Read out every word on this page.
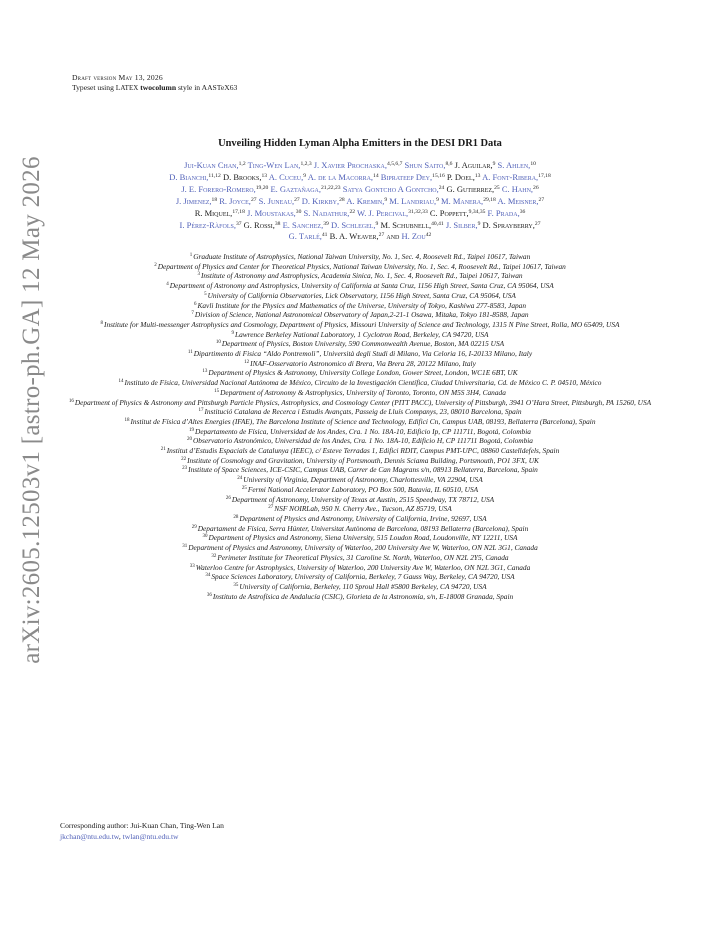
arXiv:2605.12503v1 [astro-ph.GA] 12 May 2026
Draft version May 13, 2026
Typeset using LATEX twocolumn style in AASTeX63
Unveiling Hidden Lyman Alpha Emitters in the DESI DR1 Data
Jui-Kuan Chan,$^{1,2}$ Ting-Wen Lan,$^{1,2,3}$ J. Xavier Prochaska,$^{4,5,6,7}$ Shun Saito,$^{8,6}$ J. Aguilar,$^9$ S. Ahlen,$^{10}$
D. Bianchi,$^{11,12}$ D. Brooks,$^{13}$ A. Cuceu,$^9$ A. de la Macorra,$^{14}$ Biprateep Dey,$^{15,16}$ P. Doel,$^{13}$ A. Font-Ribera,$^{17,18}$
J. E. Forero-Romero,$^{19,20}$ E. Gaztañaga,$^{21,22,23}$ Satya Gontcho A Gontcho,$^{24}$ G. Gutierrez,$^{25}$ C. Hahn,$^{26}$
J. Jimenez,$^{18}$ R. Joyce,$^{27}$ S. Juneau,$^{27}$ D. Kirkby,$^{28}$ A. Kremin,$^9$ M. Landriau,$^9$ M. Manera,$^{29,18}$ A. Meisner,$^{27}$
R. Miquel,$^{17,18}$ J. Moustakas,$^{30}$ S. Nadathur,$^{22}$ W. J. Percival,$^{31,32,33}$ C. Poppett,$^{9,34,35}$ F. Prada,$^{36}$
I. Pérez-Ràfols,$^{37}$ G. Rossi,$^{38}$ E. Sanchez,$^{39}$ D. Schlegel,$^9$ M. Schubnell,$^{40,41}$ J. Silber,$^9$ D. Sprayberry,$^{27}$
G. Tarlé,$^{41}$ B. A. Weaver,$^{27}$ and H. Zou$^{42}$
$^1$Graduate Institute of Astrophysics, National Taiwan University, No. 1, Sec. 4, Roosevelt Rd., Taipei 10617, Taiwan
$^2$Department of Physics and Center for Theoretical Physics, National Taiwan University, No. 1, Sec. 4, Roosevelt Rd., Taipei 10617, Taiwan
$^3$Institute of Astronomy and Astrophysics, Academia Sinica, No. 1, Sec. 4, Roosevelt Rd., Taipei 10617, Taiwan
$^4$Department of Astronomy and Astrophysics, University of California at Santa Cruz, 1156 High Street, Santa Cruz, CA 95064, USA
$^5$University of California Observatories, Lick Observatory, 1156 High Street, Santa Cruz, CA 95064, USA
$^6$Kavli Institute for the Physics and Mathematics of the Universe, University of Tokyo, Kashiwa 277-8583, Japan
$^7$Division of Science, National Astronomical Observatory of Japan,2-21-1 Osawa, Mitaka, Tokyo 181-8588, Japan
$^8$Institute for Multi-messenger Astrophysics and Cosmology, Department of Physics, Missouri University of Science and Technology, 1315 N Pine Street, Rolla, MO 65409, USA
$^9$Lawrence Berkeley National Laboratory, 1 Cyclotron Road, Berkeley, CA 94720, USA
$^{10}$Department of Physics, Boston University, 590 Commonwealth Avenue, Boston, MA 02215 USA
$^{11}$Dipartimento di Fisica “Aldo Pontremoli”, Università degli Studi di Milano, Via Celoria 16, I-20133 Milano, Italy
$^{12}$INAF-Osservatorio Astronomico di Brera, Via Brera 28, 20122 Milano, Italy
$^{13}$Department of Physics & Astronomy, University College London, Gower Street, London, WC1E 6BT, UK
$^{14}$Instituto de Física, Universidad Nacional Autónoma de México, Circuito de la Investigación Científica, Ciudad Universitaria, Cd. de México C. P. 04510, México
$^{15}$Department of Astronomy & Astrophysics, University of Toronto, Toronto, ON M5S 3H4, Canada
$^{16}$Department of Physics & Astronomy and Pittsburgh Particle Physics, Astrophysics, and Cosmology Center (PITT PACC), University of Pittsburgh, 3941 O’Hara Street, Pittsburgh, PA 15260, USA
$^{17}$Institució Catalana de Recerca i Estudis Avançats, Passeig de Lluís Companys, 23, 08010 Barcelona, Spain
$^{18}$Institut de Física d’Altes Energies (IFAE), The Barcelona Institute of Science and Technology, Edifici Cn, Campus UAB, 08193, Bellaterra (Barcelona), Spain
$^{19}$Departamento de Física, Universidad de los Andes, Cra. 1 No. 18A-10, Edificio Ip, CP 111711, Bogotá, Colombia
$^{20}$Observatorio Astronómico, Universidad de los Andes, Cra. 1 No. 18A-10, Edificio H, CP 111711 Bogotá, Colombia
$^{21}$Institut d’Estudis Espacials de Catalunya (IEEC), c/ Esteve Terradas 1, Edifici RDIT, Campus PMT-UPC, 08860 Castelldefels, Spain
$^{22}$Institute of Cosmology and Gravitation, University of Portsmouth, Dennis Sciama Building, Portsmouth, PO1 3FX, UK
$^{23}$Institute of Space Sciences, ICE-CSIC, Campus UAB, Carrer de Can Magrans s/n, 08913 Bellaterra, Barcelona, Spain
$^{24}$University of Virginia, Department of Astronomy, Charlottesville, VA 22904, USA
$^{25}$Fermi National Accelerator Laboratory, PO Box 500, Batavia, IL 60510, USA
$^{26}$Department of Astronomy, University of Texas at Austin, 2515 Speedway, TX 78712, USA
$^{27}$NSF NOIRLab, 950 N. Cherry Ave., Tucson, AZ 85719, USA
$^{28}$Department of Physics and Astronomy, University of California, Irvine, 92697, USA
$^{29}$Departament de Física, Serra Húnter, Universitat Autònoma de Barcelona, 08193 Bellaterra (Barcelona), Spain
$^{30}$Department of Physics and Astronomy, Siena University, 515 Loudon Road, Loudonville, NY 12211, USA
$^{31}$Department of Physics and Astronomy, University of Waterloo, 200 University Ave W, Waterloo, ON N2L 3G1, Canada
$^{32}$Perimeter Institute for Theoretical Physics, 31 Caroline St. North, Waterloo, ON N2L 2Y5, Canada
$^{33}$Waterloo Centre for Astrophysics, University of Waterloo, 200 University Ave W, Waterloo, ON N2L 3G1, Canada
$^{34}$Space Sciences Laboratory, University of California, Berkeley, 7 Gauss Way, Berkeley, CA 94720, USA
$^{35}$University of California, Berkeley, 110 Sproul Hall #5800 Berkeley, CA 94720, USA
$^{36}$Instituto de Astrofísica de Andalucía (CSIC), Glorieta de la Astronomía, s/n, E-18008 Granada, Spain
Corresponding author: Jui-Kuan Chan, Ting-Wen Lan
jkchan@ntu.edu.tw, twlan@ntu.edu.tw
